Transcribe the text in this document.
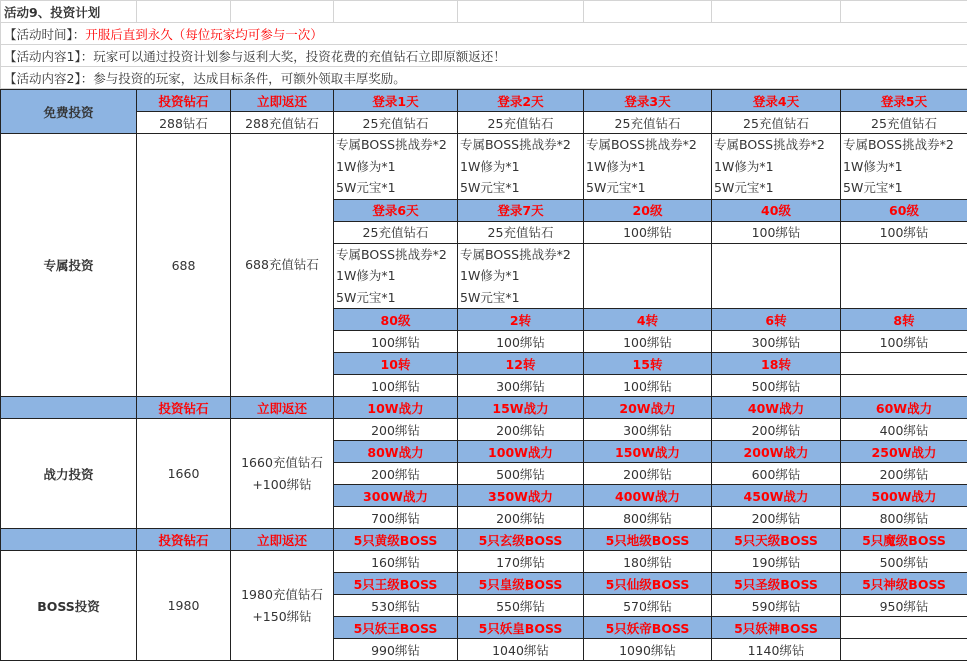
活动9、投资计划							
【活动时间】：开服后直到永久（每位玩家均可参与一次）
【活动内容1】：玩家可以通过投资计划参与返利大奖，投资花费的充值钻石立即原额返还！
【活动内容2】：参与投资的玩家，达成目标条件，可额外领取丰厚奖励。
免费投资	投资钻石	立即返还	登录1天	登录2天	登录3天	登录4天	登录5天
	288钻石	288充值钻石	25充值钻石	25充值钻石	25充值钻石	25充值钻石	25充值钻石
专属投资	688	688充值钻石	专属BOSS挑战券*2
1W修为*1
5W元宝*1	专属BOSS挑战券*2
1W修为*1
5W元宝*1	专属BOSS挑战券*2
1W修为*1
5W元宝*1	专属BOSS挑战券*2
1W修为*1
5W元宝*1	专属BOSS挑战券*2
1W修为*1
5W元宝*1
			登录6天	登录7天	20级	40级	60级
			25充值钻石	25充值钻石	100绑钻	100绑钻	100绑钻
			专属BOSS挑战券*2
1W修为*1
5W元宝*1	专属BOSS挑战券*2
1W修为*1
5W元宝*1			
			80级	2转	4转	6转	8转
			100绑钻	100绑钻	100绑钻	300绑钻	100绑钻
			10转	12转	15转	18转	
			100绑钻	300绑钻	100绑钻	500绑钻	
	投资钻石	立即返还	10W战力	15W战力	20W战力	40W战力	60W战力
战力投资	1660	1660充值钻石
+100绑钻	200绑钻	200绑钻	300绑钻	200绑钻	400绑钻
			80W战力	100W战力	150W战力	200W战力	250W战力
			200绑钻	500绑钻	200绑钻	600绑钻	200绑钻
			300W战力	350W战力	400W战力	450W战力	500W战力
			700绑钻	200绑钻	800绑钻	200绑钻	800绑钻
	投资钻石	立即返还	5只黄级BOSS	5只玄级BOSS	5只地级BOSS	5只天级BOSS	5只魔级BOSS
BOSS投资	1980	1980充值钻石
+150绑钻	160绑钻	170绑钻	180绑钻	190绑钻	500绑钻
			5只王级BOSS	5只皇级BOSS	5只仙级BOSS	5只圣级BOSS	5只神级BOSS
			530绑钻	550绑钻	570绑钻	590绑钻	950绑钻
			5只妖王BOSS	5只妖皇BOSS	5只妖帝BOSS	5只妖神BOSS	
			990绑钻	1040绑钻	1090绑钻	1140绑钻	
